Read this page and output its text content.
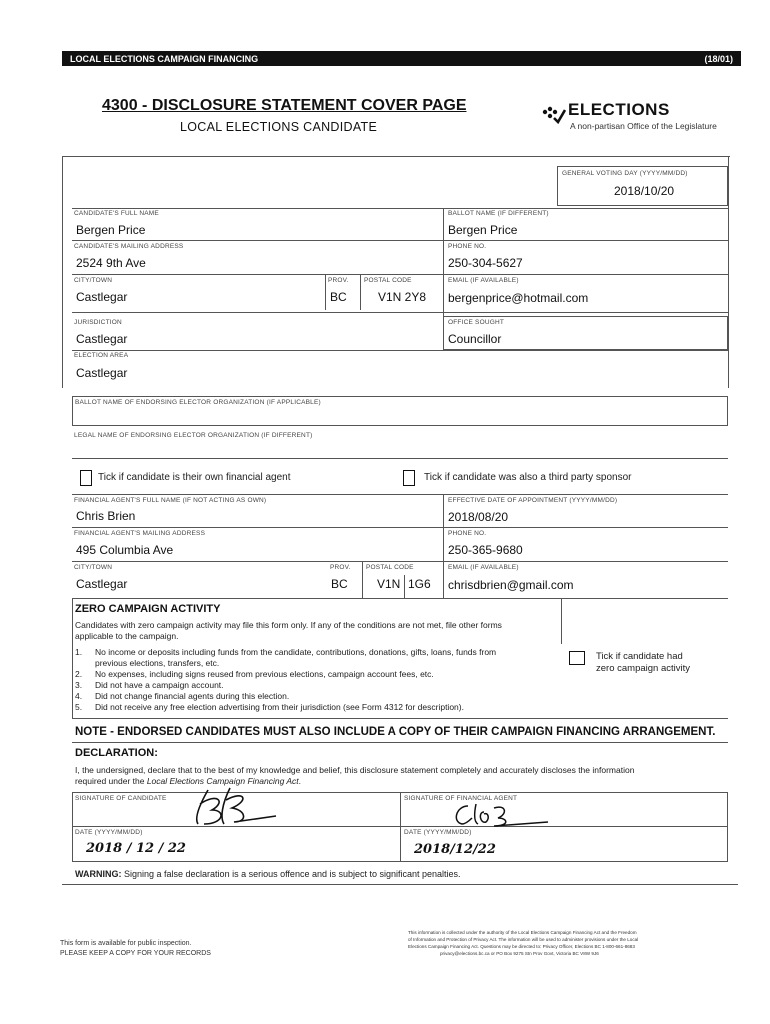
LOCAL ELECTIONS CAMPAIGN FINANCING	(18/01)
4300 - DISCLOSURE STATEMENT COVER PAGE
LOCAL ELECTIONS CANDIDATE
ELECTIONS
A non-partisan Office of the Legislature
GENERAL VOTING DAY (YYYY/MM/DD)
2018/10/20
CANDIDATE'S FULL NAME
Bergen Price
BALLOT NAME (IF DIFFERENT)
Bergen Price
CANDIDATE'S MAILING ADDRESS
2524 9th Ave
PHONE NO.
250-304-5627
CITY/TOWN
Castlegar
PROV.
BC
POSTAL CODE
V1N 2Y8
EMAIL (IF AVAILABLE)
bergenprice@hotmail.com
JURISDICTION
Castlegar
OFFICE SOUGHT
Councillor
ELECTION AREA
Castlegar
BALLOT NAME OF ENDORSING ELECTOR ORGANIZATION (IF APPLICABLE)
LEGAL NAME OF ENDORSING ELECTOR ORGANIZATION (IF DIFFERENT)
Tick if candidate is their own financial agent	Tick if candidate was also a third party sponsor
FINANCIAL AGENT'S FULL NAME (IF NOT ACTING AS OWN)
Chris Brien
EFFECTIVE DATE OF APPOINTMENT (YYYY/MM/DD)
2018/08/20
FINANCIAL AGENT'S MAILING ADDRESS
495 Columbia Ave
PHONE NO.
250-365-9680
CITY/TOWN
Castlegar
PROV.
BC
POSTAL CODE
V1N 1G6
EMAIL (IF AVAILABLE)
chrisdbrien@gmail.com
ZERO CAMPAIGN ACTIVITY
Candidates with zero campaign activity may file this form only. If any of the conditions are not met, file other forms
applicable to the campaign.
1. No income or deposits including funds from the candidate, contributions, donations, gifts, loans, funds from
previous elections, transfers, etc.
2. No expenses, including signs reused from previous elections, campaign account fees, etc.
3. Did not have a campaign account.
4. Did not change financial agents during this election.
5. Did not receive any free election advertising from their jurisdiction (see Form 4312 for description).
Tick if candidate had
zero campaign activity
NOTE - ENDORSED CANDIDATES MUST ALSO INCLUDE A COPY OF THEIR CAMPAIGN FINANCING ARRANGEMENT.
DECLARATION:
I, the undersigned, declare that to the best of my knowledge and belief, this disclosure statement completely and accurately discloses the information
required under the Local Elections Campaign Financing Act.
SIGNATURE OF CANDIDATE	SIGNATURE OF FINANCIAL AGENT
DATE (YYYY/MM/DD)
2018 / 12 / 22
DATE (YYYY/MM/DD)
2018/12/22
WARNING: Signing a false declaration is a serious offence and is subject to significant penalties.
This form is available for public inspection.
PLEASE KEEP A COPY FOR YOUR RECORDS
This information is collected under the authority of the Local Elections Campaign Financing Act and the Freedom
of Information and Protection of Privacy Act. The information will be used to administer provisions under the Local
Elections Campaign Financing Act. Questions may be directed to: Privacy Officer, Elections BC 1-800-661-8683
privacy@elections.bc.ca or PO Box 9275 Stn Prov Govt, Victoria BC V8W 9J6
